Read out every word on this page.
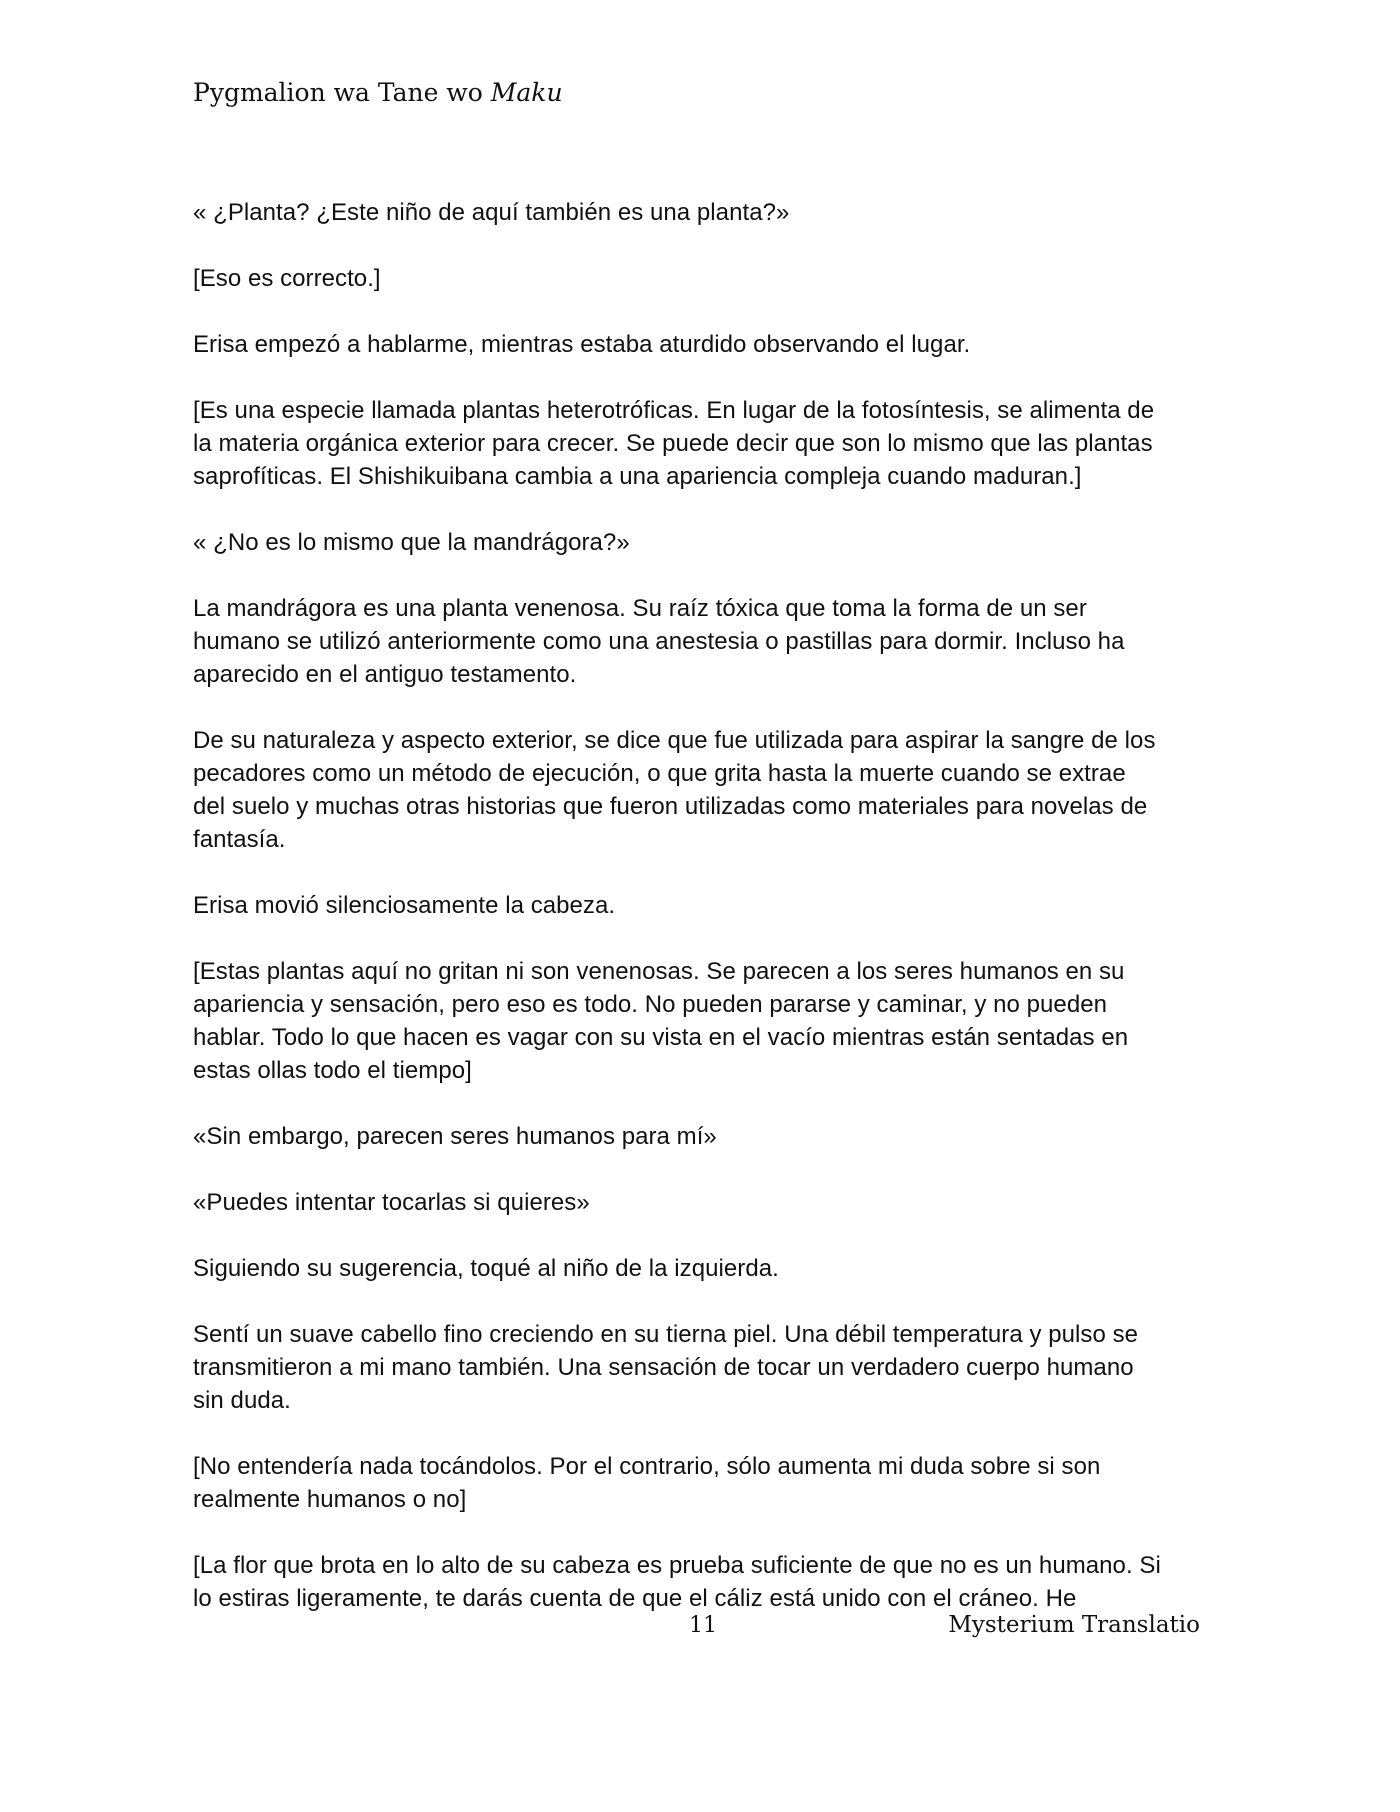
Pygmalion wa Tane wo Maku

« ¿Planta? ¿Este niño de aquí también es una planta?»

[Eso es correcto.]

Erisa empezó a hablarme, mientras estaba aturdido observando el lugar.

[Es una especie llamada plantas heterotróficas. En lugar de la fotosíntesis, se alimenta de
la materia orgánica exterior para crecer. Se puede decir que son lo mismo que las plantas
saprofíticas. El Shishikuibana cambia a una apariencia compleja cuando maduran.]

« ¿No es lo mismo que la mandrágora?»

La mandrágora es una planta venenosa. Su raíz tóxica que toma la forma de un ser
humano se utilizó anteriormente como una anestesia o pastillas para dormir. Incluso ha
aparecido en el antiguo testamento.

De su naturaleza y aspecto exterior, se dice que fue utilizada para aspirar la sangre de los
pecadores como un método de ejecución, o que grita hasta la muerte cuando se extrae
del suelo y muchas otras historias que fueron utilizadas como materiales para novelas de
fantasía.

Erisa movió silenciosamente la cabeza.

[Estas plantas aquí no gritan ni son venenosas. Se parecen a los seres humanos en su
apariencia y sensación, pero eso es todo. No pueden pararse y caminar, y no pueden
hablar. Todo lo que hacen es vagar con su vista en el vacío mientras están sentadas en
estas ollas todo el tiempo]

«Sin embargo, parecen seres humanos para mí»

«Puedes intentar tocarlas si quieres»

Siguiendo su sugerencia, toqué al niño de la izquierda.

Sentí un suave cabello fino creciendo en su tierna piel. Una débil temperatura y pulso se
transmitieron a mi mano también. Una sensación de tocar un verdadero cuerpo humano
sin duda.

[No entendería nada tocándolos. Por el contrario, sólo aumenta mi duda sobre si son
realmente humanos o no]

[La flor que brota en lo alto de su cabeza es prueba suficiente de que no es un humano. Si
lo estiras ligeramente, te darás cuenta de que el cáliz está unido con el cráneo. He

11	Mysterium Translatio
